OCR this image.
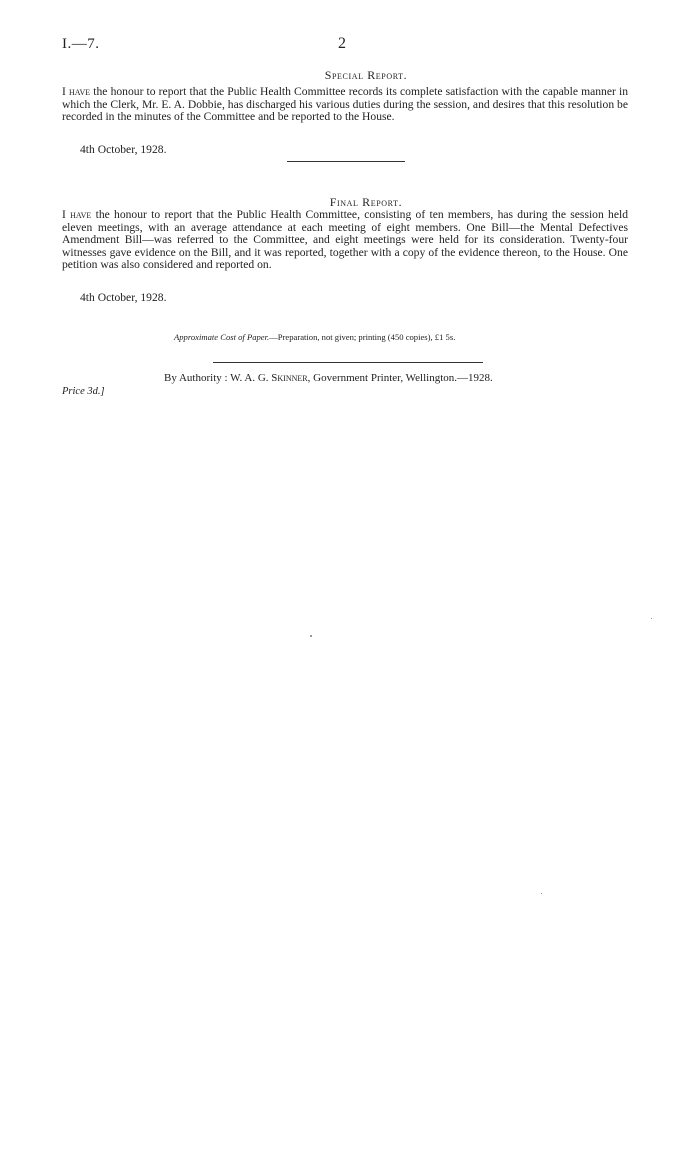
I.—7.	2
Special Report.
I have the honour to report that the Public Health Committee records its complete satisfaction with the capable manner in which the Clerk, Mr. E. A. Dobbie, has discharged his various duties during the session, and desires that this resolution be recorded in the minutes of the Committee and be reported to the House.
4th October, 1928.
Final Report.
I have the honour to report that the Public Health Committee, consisting of ten members, has during the session held eleven meetings, with an average attendance at each meeting of eight members. One Bill—the Mental Defectives Amendment Bill—was referred to the Committee, and eight meetings were held for its consideration. Twenty-four witnesses gave evidence on the Bill, and it was reported, together with a copy of the evidence thereon, to the House. One petition was also considered and reported on.
4th October, 1928.
Approximate Cost of Paper.—Preparation, not given; printing (450 copies), £1 5s.
By Authority : W. A. G. Skinner, Government Printer, Wellington.—1928.
Price 3d.]
